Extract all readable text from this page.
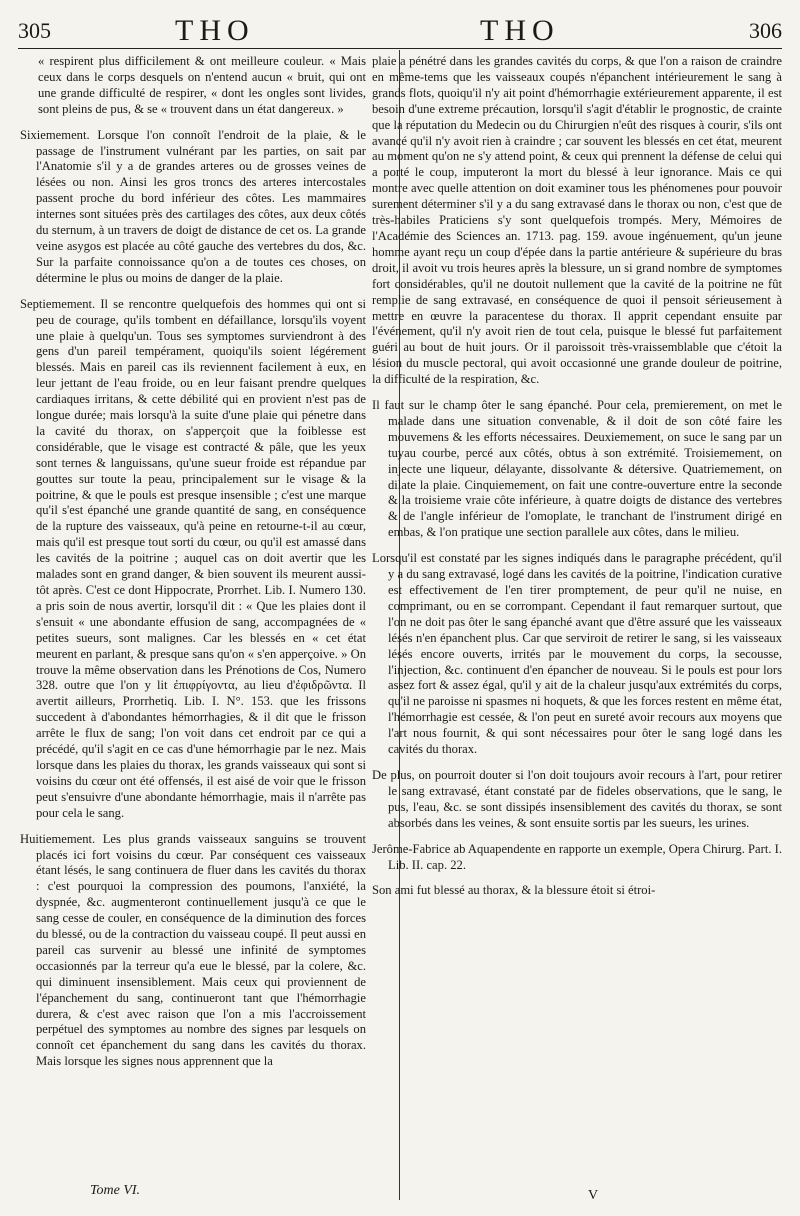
305	THO	THO	306
« respirent plus difficilement & ont meilleure couleur. « Mais ceux dans le corps desquels on n'entend aucun « bruit, qui ont une grande difficulté de respirer, « dont les ongles sont livides, sont pleins de pus, & se « trouvent dans un état dangereux. »

Sixiemement. Lorsque l'on connoît l'endroit de la plaie, & le passage de l'instrument vulnérant par les parties, on sait par l'Anatomie s'il y a de grandes arteres ou de grosses veines de lésées ou non. Ainsi les gros troncs des arteres intercostales passent proche du bord inférieur des côtes. Les mammaires internes sont situées près des cartilages des côtes, aux deux côtés du sternum, à un travers de doigt de distance de cet os. La grande veine asygos est placée au côté gauche des vertebres du dos, &c. Sur la parfaite connoissance qu'on a de toutes ces choses, on détermine le plus ou moins de danger de la plaie.

Septiemement. Il se rencontre quelquefois des hommes qui ont si peu de courage, qu'ils tombent en défaillance, lorsqu'ils voyent une plaie à quelqu'un. Tous ses symptomes surviendront à des gens d'un pareil tempérament, quoiqu'ils soient légérement blessés. Mais en pareil cas ils reviennent facilement à eux, en leur jettant de l'eau froide, ou en leur faisant prendre quelques cardiaques irritans, & cette débilité qui en provient n'est pas de longue durée; mais lorsqu'à la suite d'une plaie qui pénetre dans la cavité du thorax, on s'apperçoit que la foiblesse est considérable, que le visage est contracté & pâle, que les yeux sont ternes & languissans, qu'une sueur froide est répandue par gouttes sur toute la peau, principalement sur le visage & la poitrine, & que le pouls est presque insensible ; c'est une marque qu'il s'est épanché une grande quantité de sang, en conséquence de la rupture des vaisseaux, qu'à peine en retourne-t-il au cœur, mais qu'il est presque tout sorti du cœur, ou qu'il est amassé dans les cavités de la poitrine ; auquel cas on doit avertir que les malades sont en grand danger, & bien souvent ils meurent aussi-tôt après. C'est ce dont Hippocrate, Prorrhet. Lib. I. Numero 130. a pris soin de nous avertir, lorsqu'il dit : « Que les plaies dont il s'ensuit « une abondante effusion de sang, accompagnées de « petites sueurs, sont malignes. Car les blessés en « cet état meurent en parlant, & presque sans qu'on « s'en apperçoive. » On trouve la même observation dans les Prénotions de Cos, Numero 328. outre que l'on y lit ἐπιφρίγοντα, au lieu d'ἐφιδρῶντα. Il avertit ailleurs, Prorrhetiq. Lib. I. N°. 153. que les frissons succedent à d'abondantes hémorrhagies, & il dit que le frisson arrête le flux de sang; l'on voit dans cet endroit par ce qui a précédé, qu'il s'agit en ce cas d'une hémorrhagie par le nez. Mais lorsque dans les plaies du thorax, les grands vaisseaux qui sont si voisins du cœur ont été offensés, il est aisé de voir que le frisson peut s'ensuivre d'une abondante hémorrhagie, mais il n'arrête pas pour cela le sang.

Huitiemement. Les plus grands vaisseaux sanguins se trouvent placés ici fort voisins du cœur. Par conséquent ces vaisseaux étant lésés, le sang continuera de fluer dans les cavités du thorax : c'est pourquoi la compression des poumons, l'anxiété, la dyspnée, &c. augmenteront continuellement jusqu'à ce que le sang cesse de couler, en conséquence de la diminution des forces du blessé, ou de la contraction du vaisseau coupé. Il peut aussi en pareil cas survenir au blessé une infinité de symptomes occasionnés par la terreur qu'a eue le blessé, par la colere, &c. qui diminuent insensiblement. Mais ceux qui proviennent de l'épanchement du sang, continueront tant que l'hémorrhagie durera, & c'est avec raison que l'on a mis l'accroissement perpétuel des symptomes au nombre des signes par lesquels on connoît cet épanchement du sang dans les cavités du thorax. Mais lorsque les signes nous apprennent que la

plaie a pénétré dans les grandes cavités du corps, & que l'on a raison de craindre en même-tems que les vaisseaux coupés n'épanchent intérieurement le sang à grands flots, quoiqu'il n'y ait point d'hémorrhagie extérieurement apparente, il est besoin d'une extreme précaution, lorsqu'il s'agit d'établir le prognostic, de crainte que la réputation du Medecin ou du Chirurgien n'eût des risques à courir, s'ils ont avancé qu'il n'y avoit rien à craindre ; car souvent les blessés en cet état, meurent au moment qu'on ne s'y attend point, & ceux qui prennent la défense de celui qui a porté le coup, imputeront la mort du blessé à leur ignorance. Mais ce qui montre avec quelle attention on doit examiner tous les phénomenes pour pouvoir surement déterminer s'il y a du sang extravasé dans le thorax ou non, c'est que de très-habiles Praticiens s'y sont quelquefois trompés. Mery, Mémoires de l'Académie des Sciences an. 1713. pag. 159. avoue ingénuement, qu'un jeune homme ayant reçu un coup d'épée dans la partie antérieure & supérieure du bras droit, il avoit vu trois heures après la blessure, un si grand nombre de symptomes fort considérables, qu'il ne doutoit nullement que la cavité de la poitrine ne fût remplie de sang extravasé, en conséquence de quoi il pensoit sérieusement à mettre en œuvre la paracentese du thorax. Il apprit cependant ensuite par l'événement, qu'il n'y avoit rien de tout cela, puisque le blessé fut parfaitement guéri au bout de huit jours. Or il paroissoit très-vraissemblable que c'étoit la lésion du muscle pectoral, qui avoit occasionné une grande douleur de poitrine, la difficulté de la respiration, &c.

Il faut sur le champ ôter le sang épanché. Pour cela, premierement, on met le malade dans une situation convenable, & il doit de son côté faire les mouvemens & les efforts nécessaires. Deuxiemement, on suce le sang par un tuyau courbe, percé aux côtés, obtus à son extrémité. Troisiemement, on injecte une liqueur, délayante, dissolvante & détersive. Quatriemement, on dilate la plaie. Cinquiemement, on fait une contre-ouverture entre la seconde & la troisieme vraie côte inférieure, à quatre doigts de distance des vertebres & de l'angle inférieur de l'omoplate, le tranchant de l'instrument dirigé en embas, & l'on pratique une section parallele aux côtes, dans le milieu.

Lorsqu'il est constaté par les signes indiqués dans le paragraphe précédent, qu'il y a du sang extravasé, logé dans les cavités de la poitrine, l'indication curative est effectivement de l'en tirer promptement, de peur qu'il ne nuise, en comprimant, ou en se corrompant. Cependant il faut remarquer surtout, que l'on ne doit pas ôter le sang épanché avant que d'être assuré que les vaisseaux lésés n'en épanchent plus. Car que serviroit de retirer le sang, si les vaisseaux lésés encore ouverts, irrités par le mouvement du corps, la secousse, l'injection, &c. continuent d'en épancher de nouveau. Si le pouls est pour lors assez fort & assez égal, qu'il y ait de la chaleur jusqu'aux extrémités du corps, qu'il ne paroisse ni spasmes ni hoquets, & que les forces restent en même état, l'hémorrhagie est cessée, & l'on peut en sureté avoir recours aux moyens que l'art nous fournit, & qui sont nécessaires pour ôter le sang logé dans les cavités du thorax.

De plus, on pourroit douter si l'on doit toujours avoir recours à l'art, pour retirer le sang extravasé, étant constaté par de fideles observations, que le sang, le pus, l'eau, &c. se sont dissipés insensiblement des cavités du thorax, se sont absorbés dans les veines, & sont ensuite sortis par les sueurs, les urines.

Jerôme-Fabrice ab Aquapendente en rapporte un exemple, Opera Chirurg. Part. I. Lib. II. cap. 22.

Son ami fut blessé au thorax, & la blessure étoit si étroi-

Tome VI.	V
